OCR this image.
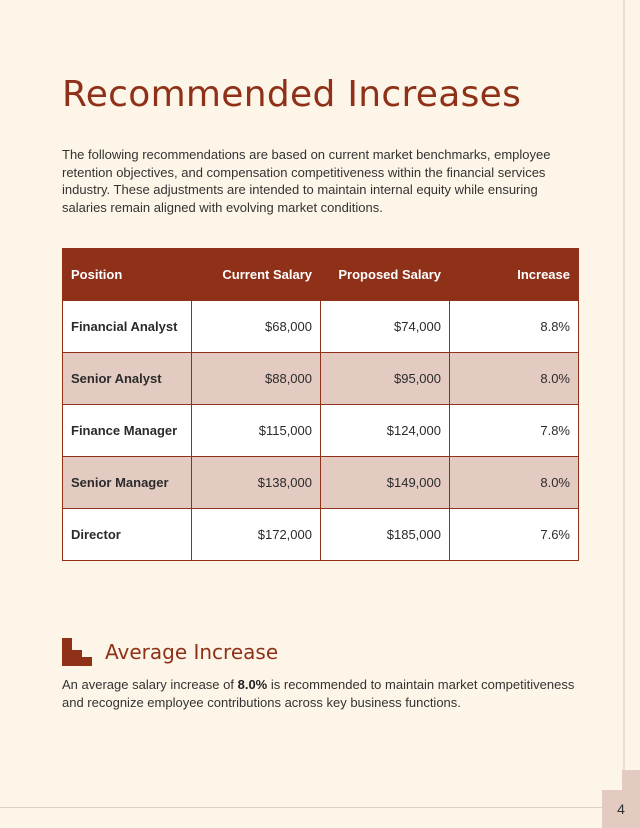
Recommended Increases

The following recommendations are based on current market benchmarks, employee retention objectives, and compensation competitiveness within the financial services industry. These adjustments are intended to maintain internal equity while ensuring salaries remain aligned with evolving market conditions.

Position	Current Salary	Proposed Salary	Increase
Financial Analyst	$68,000	$74,000	8.8%
Senior Analyst	$88,000	$95,000	8.0%
Finance Manager	$115,000	$124,000	7.8%
Senior Manager	$138,000	$149,000	8.0%
Director	$172,000	$185,000	7.6%
Average Increase

An average salary increase of 8.0% is recommended to maintain market competitiveness and recognize employee contributions across key business functions.

4
